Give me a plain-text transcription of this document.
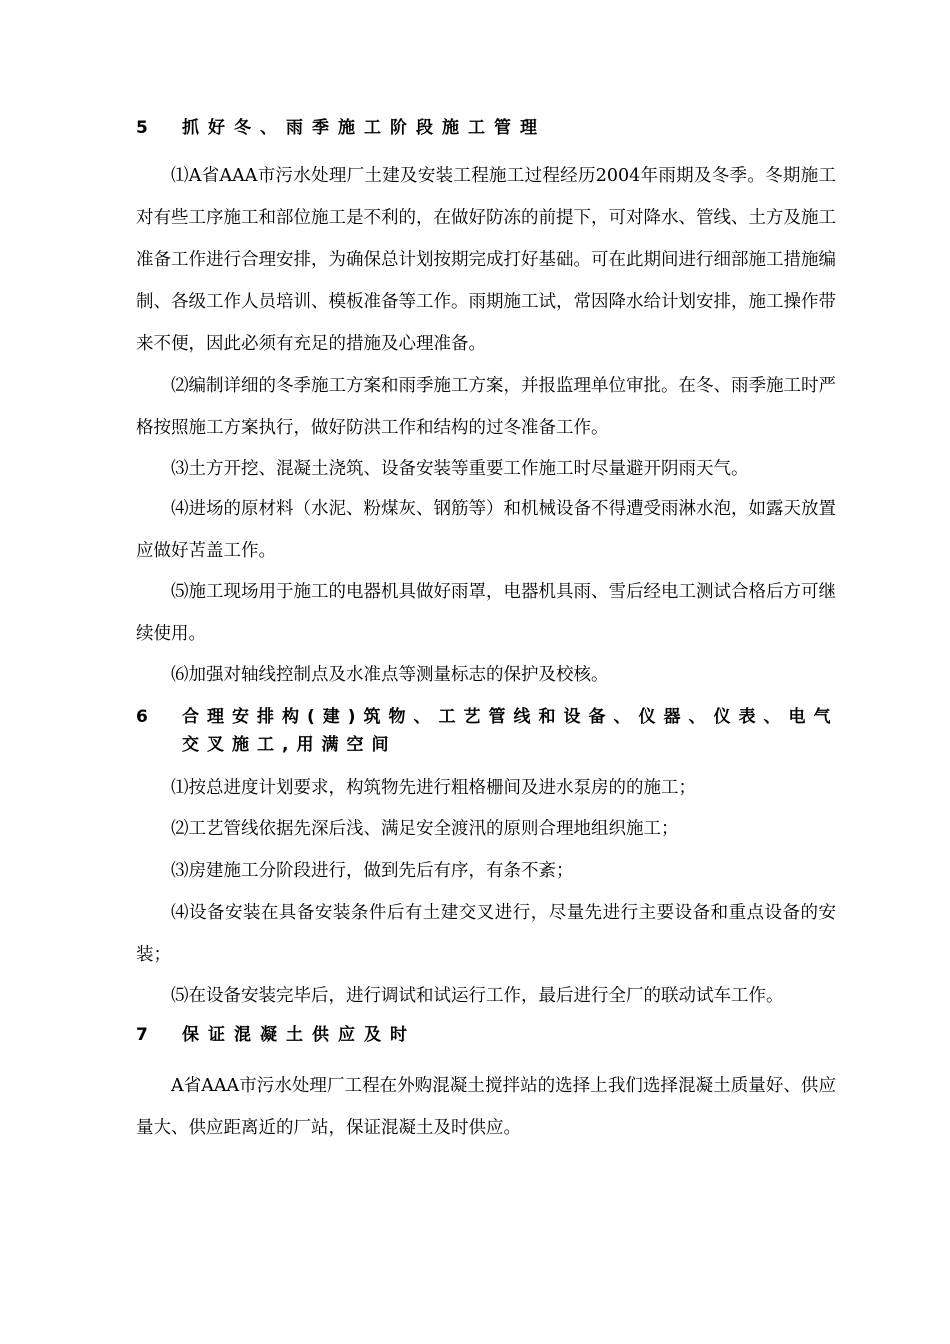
5 抓好冬、雨季施工阶段施工管理
⑴A省AAA市污水处理厂土建及安装工程施工过程经历2004年雨期及冬季。冬期施工对有些工序施工和部位施工是不利的，在做好防冻的前提下，可对降水、管线、土方及施工准备工作进行合理安排，为确保总计划按期完成打好基础。可在此期间进行细部施工措施编制、各级工作人员培训、模板准备等工作。雨期施工试，常因降水给计划安排，施工操作带来不便，因此必须有充足的措施及心理准备。
⑵编制详细的冬季施工方案和雨季施工方案，并报监理单位审批。在冬、雨季施工时严格按照施工方案执行，做好防洪工作和结构的过冬准备工作。
⑶土方开挖、混凝土浇筑、设备安装等重要工作施工时尽量避开阴雨天气。
⑷进场的原材料（水泥、粉煤灰、钢筋等）和机械设备不得遭受雨淋水泡，如露天放置应做好苫盖工作。
⑸施工现场用于施工的电器机具做好雨罩，电器机具雨、雪后经电工测试合格后方可继续使用。
⑹加强对轴线控制点及水准点等测量标志的保护及校核。
6 合理安排构(建)筑物、工艺管线和设备、仪器、仪表、电气交叉施工,用满空间
⑴按总进度计划要求，构筑物先进行粗格栅间及进水泵房的的施工；
⑵工艺管线依据先深后浅、满足安全渡汛的原则合理地组织施工；
⑶房建施工分阶段进行，做到先后有序，有条不紊；
⑷设备安装在具备安装条件后有土建交叉进行，尽量先进行主要设备和重点设备的安装；
⑸在设备安装完毕后，进行调试和试运行工作，最后进行全厂的联动试车工作。
7 保证混凝土供应及时
A省AAA市污水处理厂工程在外购混凝土搅拌站的选择上我们选择混凝土质量好、供应量大、供应距离近的厂站，保证混凝土及时供应。
